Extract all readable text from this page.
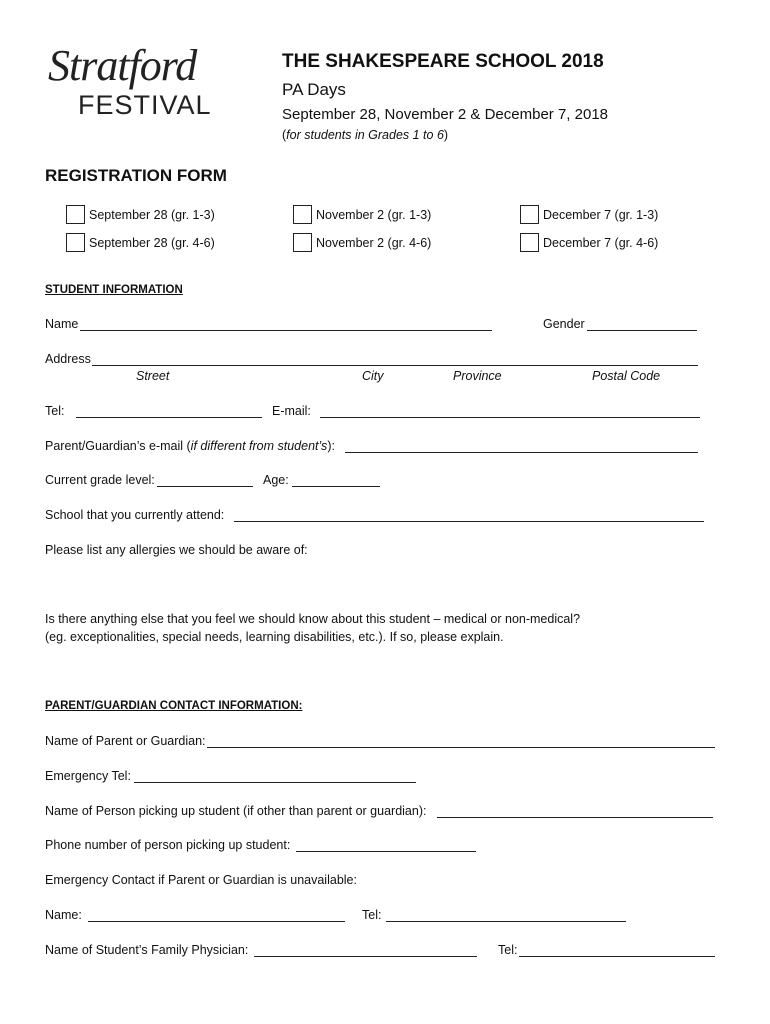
Stratford
FESTIVAL
THE SHAKESPEARE SCHOOL 2018
PA Days
September 28, November 2 & December 7, 2018
(for students in Grades 1 to 6)
REGISTRATION FORM
September 28 (gr. 1-3)	November 2 (gr. 1-3)	December 7 (gr. 1-3)
September 28 (gr. 4-6)	November 2 (gr. 4-6)	December 7 (gr. 4-6)
STUDENT INFORMATION
Name	Gender
Address
Street	City	Province	Postal Code
Tel:	E-mail:
Parent/Guardian’s e-mail (if different from student’s):
Current grade level:	Age:
School that you currently attend:
Please list any allergies we should be aware of:
Is there anything else that you feel we should know about this student – medical or non-medical?
(eg. exceptionalities, special needs, learning disabilities, etc.). If so, please explain.
PARENT/GUARDIAN CONTACT INFORMATION:
Name of Parent or Guardian:
Emergency Tel:
Name of Person picking up student (if other than parent or guardian):
Phone number of person picking up student:
Emergency Contact if Parent or Guardian is unavailable:
Name:	Tel:
Name of Student’s Family Physician:	Tel:
